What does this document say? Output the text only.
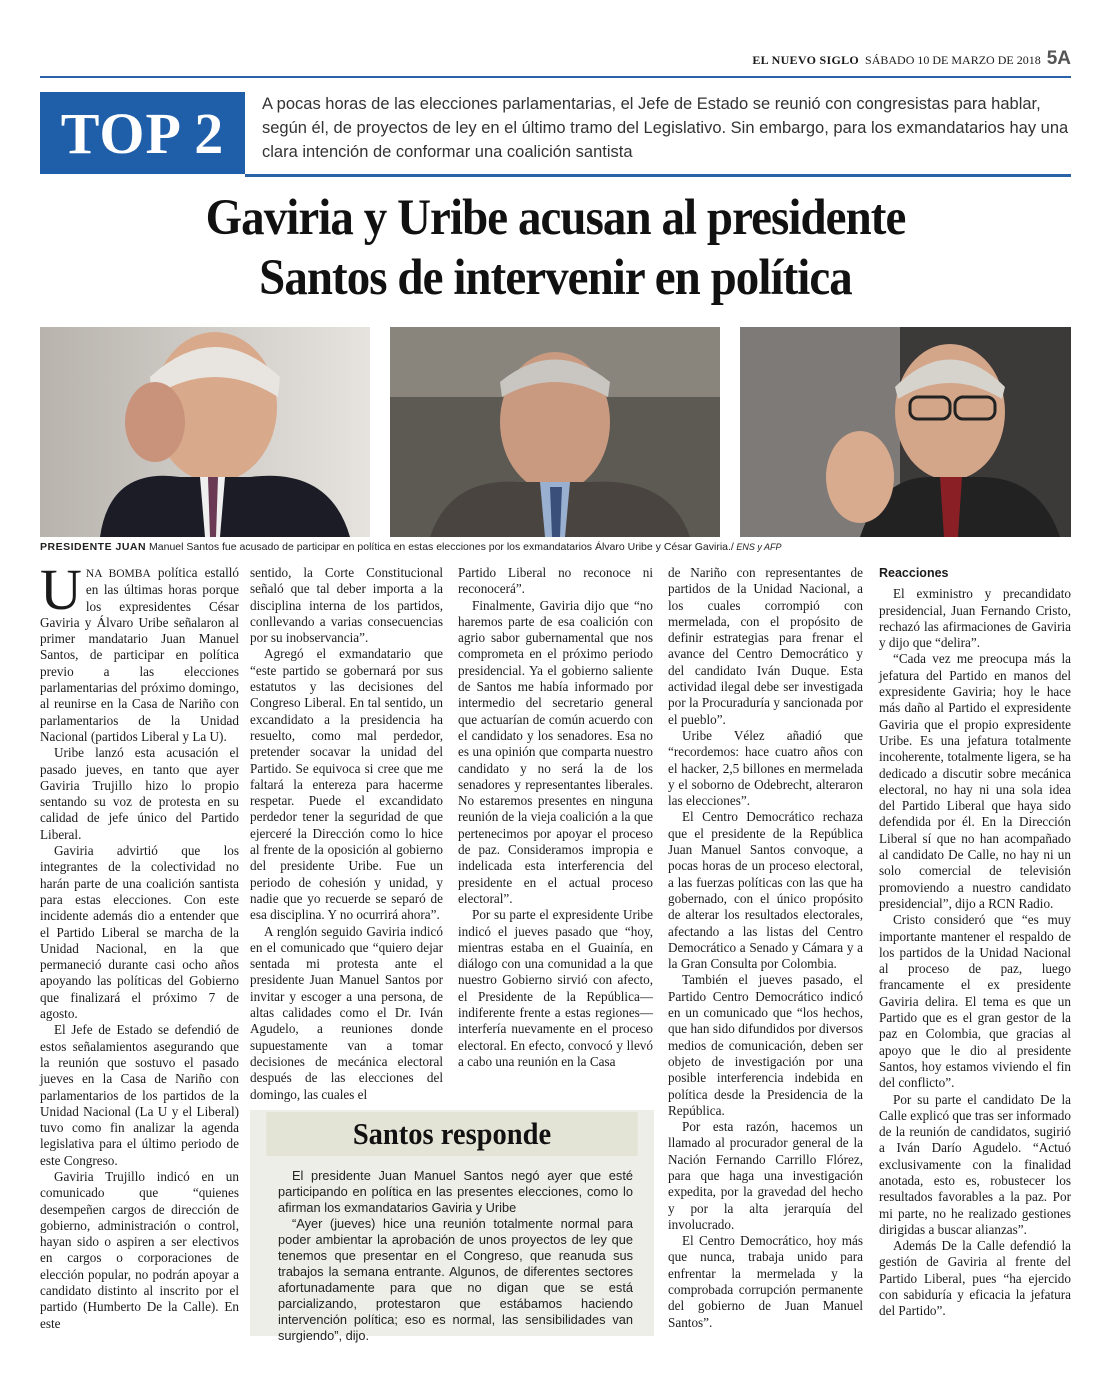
EL NUEVO SIGLO SÁBADO 10 DE MARZO DE 2018 5A
TOP 2 A pocas horas de las elecciones parlamentarias, el Jefe de Estado se reunió con congresistas para hablar, según él, de proyectos de ley en el último tramo del Legislativo. Sin embargo, para los exmandatarios hay una clara intención de conformar una coalición santista
Gaviria y Uribe acusan al presidente
Santos de intervenir en política
PRESIDENTE JUAN Manuel Santos fue acusado de participar en política en estas elecciones por los exmandatarios Álvaro Uribe y César Gaviria./ ENS y AFP

UNA BOMBA política estalló en las últimas horas porque los expresidentes César Gaviria y Álvaro Uribe señalaron al primer mandatario Juan Manuel Santos, de participar en política previo a las elecciones parlamentarias del próximo domingo, al reunirse en la Casa de Nariño con parlamentarios de la Unidad Nacional (partidos Liberal y La U).

Uribe lanzó esta acusación el pasado jueves, en tanto que ayer Gaviria Trujillo hizo lo propio sentando su voz de protesta en su calidad de jefe único del Partido Liberal.

Gaviria advirtió que los integrantes de la colectividad no harán parte de una coalición santista para estas elecciones. Con este incidente además dio a entender que el Partido Liberal se marcha de la Unidad Nacional, en la que permaneció durante casi ocho años apoyando las políticas del Gobierno que finalizará el próximo 7 de agosto.

El Jefe de Estado se defendió de estos señalamientos asegurando que la reunión que sostuvo el pasado jueves en la Casa de Nariño con parlamentarios de los partidos de la Unidad Nacional (La U y el Liberal) tuvo como fin analizar la agenda legislativa para el último periodo de este Congreso.

Gaviria Trujillo indicó en un comunicado que “quienes desempeñen cargos de dirección de gobierno, administración o control, hayan sido o aspiren a ser electivos en cargos o corporaciones de elección popular, no podrán apoyar a candidato distinto al inscrito por el partido (Humberto De la Calle). En este

sentido, la Corte Constitucional señaló que tal deber importa a la disciplina interna de los partidos, conllevando a varias consecuencias por su inobservancia”.

Agregó el exmandatario que “este partido se gobernará por sus estatutos y las decisiones del Congreso Liberal. En tal sentido, un excandidato a la presidencia ha resuelto, como mal perdedor, pretender socavar la unidad del Partido. Se equivoca si cree que me faltará la entereza para hacerme respetar. Puede el excandidato perdedor tener la seguridad de que ejerceré la Dirección como lo hice al frente de la oposición al gobierno del presidente Uribe. Fue un periodo de cohesión y unidad, y nadie que yo recuerde se separó de esa disciplina. Y no ocurrirá ahora”.

A renglón seguido Gaviria indicó en el comunicado que “quiero dejar sentada mi protesta ante el presidente Juan Manuel Santos por invitar y escoger a una persona, de altas calidades como el Dr. Iván Agudelo, a reuniones donde supuestamente van a tomar decisiones de mecánica electoral después de las elecciones del domingo, las cuales el

Partido Liberal no reconoce ni reconocerá”.

Finalmente, Gaviria dijo que “no haremos parte de esa coalición con agrio sabor gubernamental que nos comprometa en el próximo periodo presidencial. Ya el gobierno saliente de Santos me había informado por intermedio del secretario general que actuarían de común acuerdo con el candidato y los senadores. Esa no es una opinión que comparta nuestro candidato y no será la de los senadores y representantes liberales. No estaremos presentes en ninguna reunión de la vieja coalición a la que pertenecimos por apoyar el proceso de paz. Consideramos impropia e indelicada esta interferencia del presidente en el actual proceso electoral”.

Por su parte el expresidente Uribe indicó el jueves pasado que “hoy, mientras estaba en el Guainía, en diálogo con una comunidad a la que nuestro Gobierno sirvió con afecto, el Presidente de la República—indiferente frente a estas regiones— interfería nuevamente en el proceso electoral. En efecto, convocó y llevó a cabo una reunión en la Casa

de Nariño con representantes de partidos de la Unidad Nacional, a los cuales corrompió con mermelada, con el propósito de definir estrategias para frenar el avance del Centro Democrático y del candidato Iván Duque. Esta actividad ilegal debe ser investigada por la Procuraduría y sancionada por el pueblo”.

Uribe Vélez añadió que “recordemos: hace cuatro años con el hacker, 2,5 billones en mermelada y el soborno de Odebrecht, alteraron las elecciones”.

El Centro Democrático rechaza que el presidente de la República Juan Manuel Santos convoque, a pocas horas de un proceso electoral, a las fuerzas políticas con las que ha gobernado, con el único propósito de alterar los resultados electorales, afectando a las listas del Centro Democrático a Senado y Cámara y a la Gran Consulta por Colombia.

También el jueves pasado, el Partido Centro Democrático indicó en un comunicado que “los hechos, que han sido difundidos por diversos medios de comunicación, deben ser objeto de investigación por una posible interferencia indebida en política desde la Presidencia de la República.

Por esta razón, hacemos un llamado al procurador general de la Nación Fernando Carrillo Flórez, para que haga una investigación expedita, por la gravedad del hecho y por la alta jerarquía del involucrado.

El Centro Democrático, hoy más que nunca, trabaja unido para enfrentar la mermelada y la comprobada corrupción permanente del gobierno de Juan Manuel Santos”.

Reacciones

El exministro y precandidato presidencial, Juan Fernando Cristo, rechazó las afirmaciones de Gaviria y dijo que “delira”.

“Cada vez me preocupa más la jefatura del Partido en manos del expresidente Gaviria; hoy le hace más daño al Partido el expresidente Gaviria que el propio expresidente Uribe. Es una jefatura totalmente incoherente, totalmente ligera, se ha dedicado a discutir sobre mecánica electoral, no hay ni una sola idea del Partido Liberal que haya sido defendida por él. En la Dirección Liberal sí que no han acompañado al candidato De Calle, no hay ni un solo comercial de televisión promoviendo a nuestro candidato presidencial”, dijo a RCN Radio.

Cristo consideró que “es muy importante mantener el respaldo de los partidos de la Unidad Nacional al proceso de paz, luego francamente el ex presidente Gaviria delira. El tema es que un Partido que es el gran gestor de la paz en Colombia, que gracias al apoyo que le dio al presidente Santos, hoy estamos viviendo el fin del conflicto”.

Por su parte el candidato De la Calle explicó que tras ser informado de la reunión de candidatos, sugirió a Iván Darío Agudelo. “Actuó exclusivamente con la finalidad anotada, esto es, robustecer los resultados favorables a la paz. Por mi parte, no he realizado gestiones dirigidas a buscar alianzas”.

Además De la Calle defendió la gestión de Gaviria al frente del Partido Liberal, pues “ha ejercido con sabiduría y eficacia la jefatura del Partido”.

Santos responde

El presidente Juan Manuel Santos negó ayer que esté participando en política en las presentes elecciones, como lo afirman los exmandatarios Gaviria y Uribe

“Ayer (jueves) hice una reunión totalmente normal para poder ambientar la aprobación de unos proyectos de ley que tenemos que presentar en el Congreso, que reanuda sus trabajos la semana entrante. Algunos, de diferentes sectores afortunadamente para que no digan que se está parcializando, protestaron que estábamos haciendo intervención política; eso es normal, las sensibilidades van surgiendo”, dijo.
